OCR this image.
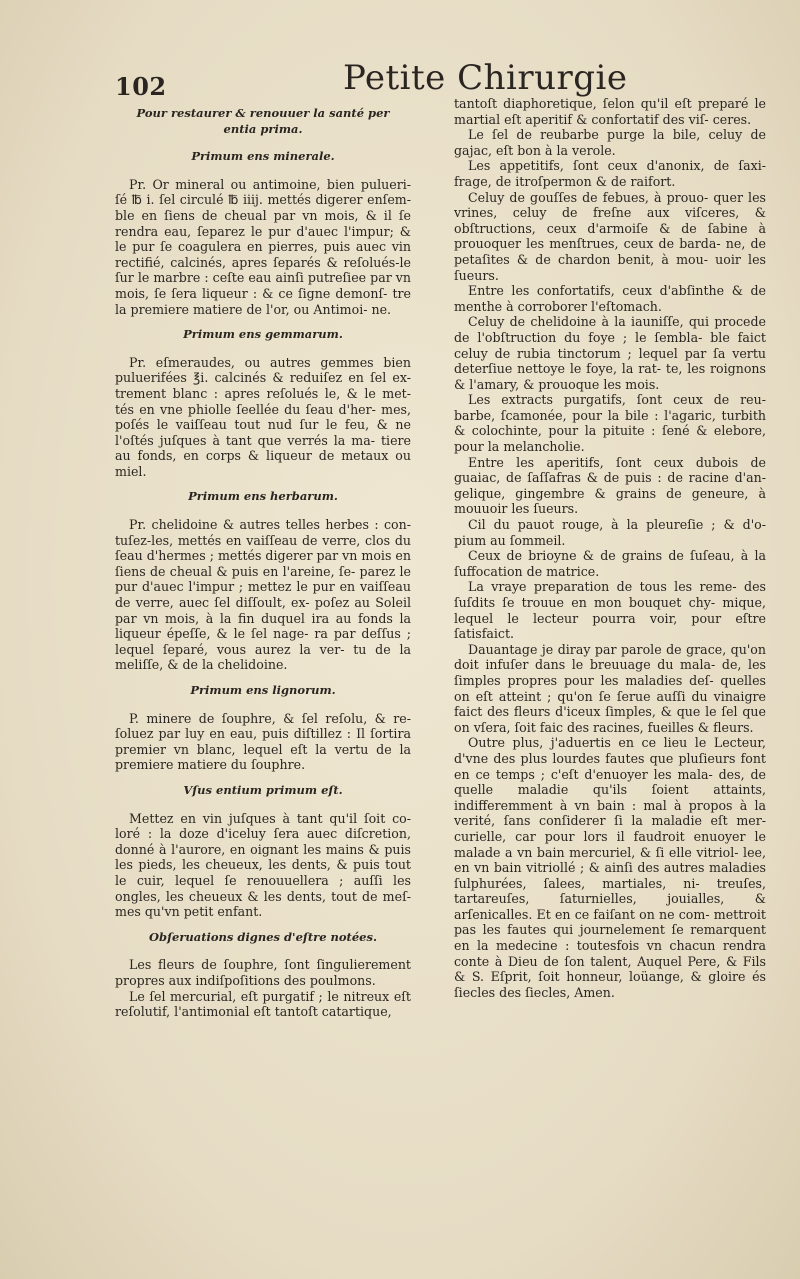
102	Petite Chirurgie
Pour restaurer & renouuer la santé per
entia prima.
Primum ens minerale.

Pr. Or mineral ou antimoine, bien pulueri- ſé ℔ i. ſel circulé ℔ iiij. mettés digerer enſem- ble en ſiens de cheual par vn mois, & il ſe rendra eau, ſeparez le pur d'auec l'impur; & le pur ſe coagulera en pierres, puis auec vin rectifié, calcinés, apres ſeparés & reſolués-le ſur le marbre : ceſte eau ainſi putreſiee par vn mois, ſe ſera liqueur : & ce ſigne demonſ- tre la premiere matiere de l'or, ou Antimoi- ne.

Primum ens gemmarum.

Pr. eſmeraudes, ou autres gemmes bien puluerifées ℥i. calcinés & reduiſez en ſel ex- trement blanc : apres reſolués le, & le met- tés en vne phiolle ſeellée du ſeau d'her- mes, poſés le vaiſſeau tout nud ſur le feu, & ne l'oſtés juſques à tant que verrés la ma- tiere au fonds, en corps & liqueur de metaux ou miel.

Primum ens herbarum.

Pr. chelidoine & autres telles herbes : con- tuſez-les, mettés en vaiſſeau de verre, clos du ſeau d'hermes ; mettés digerer par vn mois en ſiens de cheual & puis en l'areine, ſe- parez le pur d'auec l'impur ; mettez le pur en vaiſſeau de verre, auec ſel diſſoult, ex- poſez au Soleil par vn mois, à la fin duquel ira au fonds la liqueur épeſſe, & le ſel nage- ra par deſſus ; lequel ſeparé, vous aurez la ver- tu de la meliſſe, & de la chelidoine.

Primum ens lignorum.

P. minere de ſouphre, & ſel reſolu, & re- ſoluez par luy en eau, puis diſtillez : Il ſortira premier vn blanc, lequel eſt la vertu de la premiere matiere du ſouphre.

Vſus entium primum eſt.

Mettez en vin juſques à tant qu'il ſoit co- loré : la doze d'iceluy ſera auec diſcretion, donné à l'aurore, en oignant les mains & puis les pieds, les cheueux, les dents, & puis tout le cuir, lequel ſe renouuellera ; auſſi les ongles, les cheueux & les dents, tout de meſ- mes qu'vn petit enfant.

Obſeruations dignes d'eſtre notées.

Les fleurs de ſouphre, ſont ſingulierement propres aux indiſpoſitions des poulmons.

Le ſel mercurial, eſt purgatif ; le nitreux eſt reſolutif, l'antimonial eſt tantoſt catartique,

tantoſt diaphoretique, ſelon qu'il eſt preparé le martial eſt aperitif & confortatif des viſ- ceres.

Le ſel de reubarbe purge la bile, celuy de gajac, eſt bon à la verole.

Les appetitifs, ſont ceux d'anonix, de ſaxi- frage, de itroſpermon & de raifort.

Celuy de gouſſes de febues, à prouo- quer les vrines, celuy de freſne aux viſceres, & obſtructions, ceux d'armoiſe & de ſabine à prouoquer les menſtrues, ceux de barda- ne, de petaſites & de chardon benit, à mou- uoir les ſueurs.

Entre les confortatifs, ceux d'abſinthe & de menthe à corroborer l'eſtomach.

Celuy de chelidoine à la iauniſſe, qui procede de l'obſtruction du foye ; le ſembla- ble faict celuy de rubia tinctorum ; lequel par ſa vertu deterſiue nettoye le foye, la rat- te, les roignons & l'amary, & prouoque les mois.

Les extracts purgatifs, ſont ceux de reu- barbe, ſcamonée, pour la bile : l'agaric, turbith & colochinte, pour la pituite : ſené & elebore, pour la melancholie.

Entre les aperitifs, ſont ceux dubois de guaiac, de ſaſſafras & de puis : de racine d'an- gelique, gingembre & grains de geneure, à mouuoir les ſueurs.

Cil du pauot rouge, à la pleureſie ; & d'o- pium au ſommeil.

Ceux de brioyne & de grains de ſuſeau, à la ſuffocation de matrice.

La vraye preparation de tous les reme- des ſuſdits ſe trouue en mon bouquet chy- mique, lequel le lecteur pourra voir, pour eſtre ſatisfaict.

Dauantage je diray par parole de grace, qu'on doit infuſer dans le breuuage du mala- de, les ſimples propres pour les maladies deſ- quelles on eſt atteint ; qu'on ſe ſerue auſſi du vinaigre faict des fleurs d'iceux ſimples, & que le ſel que on vſera, ſoit faic des racines, fueilles & fleurs.

Outre plus, j'aduertis en ce lieu le Lecteur, d'vne des plus lourdes fautes que pluſieurs font en ce temps ; c'eſt d'enuoyer les mala- des, de quelle maladie qu'ils ſoient attaints, indifferemment à vn bain : mal à propos à la verité, ſans conſiderer ſi la maladie eſt mer- curielle, car pour lors il faudroit enuoyer le malade a vn bain mercuriel, & ſi elle vitriol- lee, en vn bain vitriollé ; & ainſi des autres maladies ſulphurées, ſalees, martiales, ni- treuſes, tartareuſes, ſaturnielles, jouialles, & arſenicalles. Et en ce faiſant on ne com- mettroit pas les fautes qui journelement ſe remarquent en la medecine : toutesfois vn chacun rendra conte à Dieu de ſon talent, Auquel Pere, & Fils & S. Eſprit, ſoit honneur, loüange, & gloire és ſiecles des ſiecles, Amen.
